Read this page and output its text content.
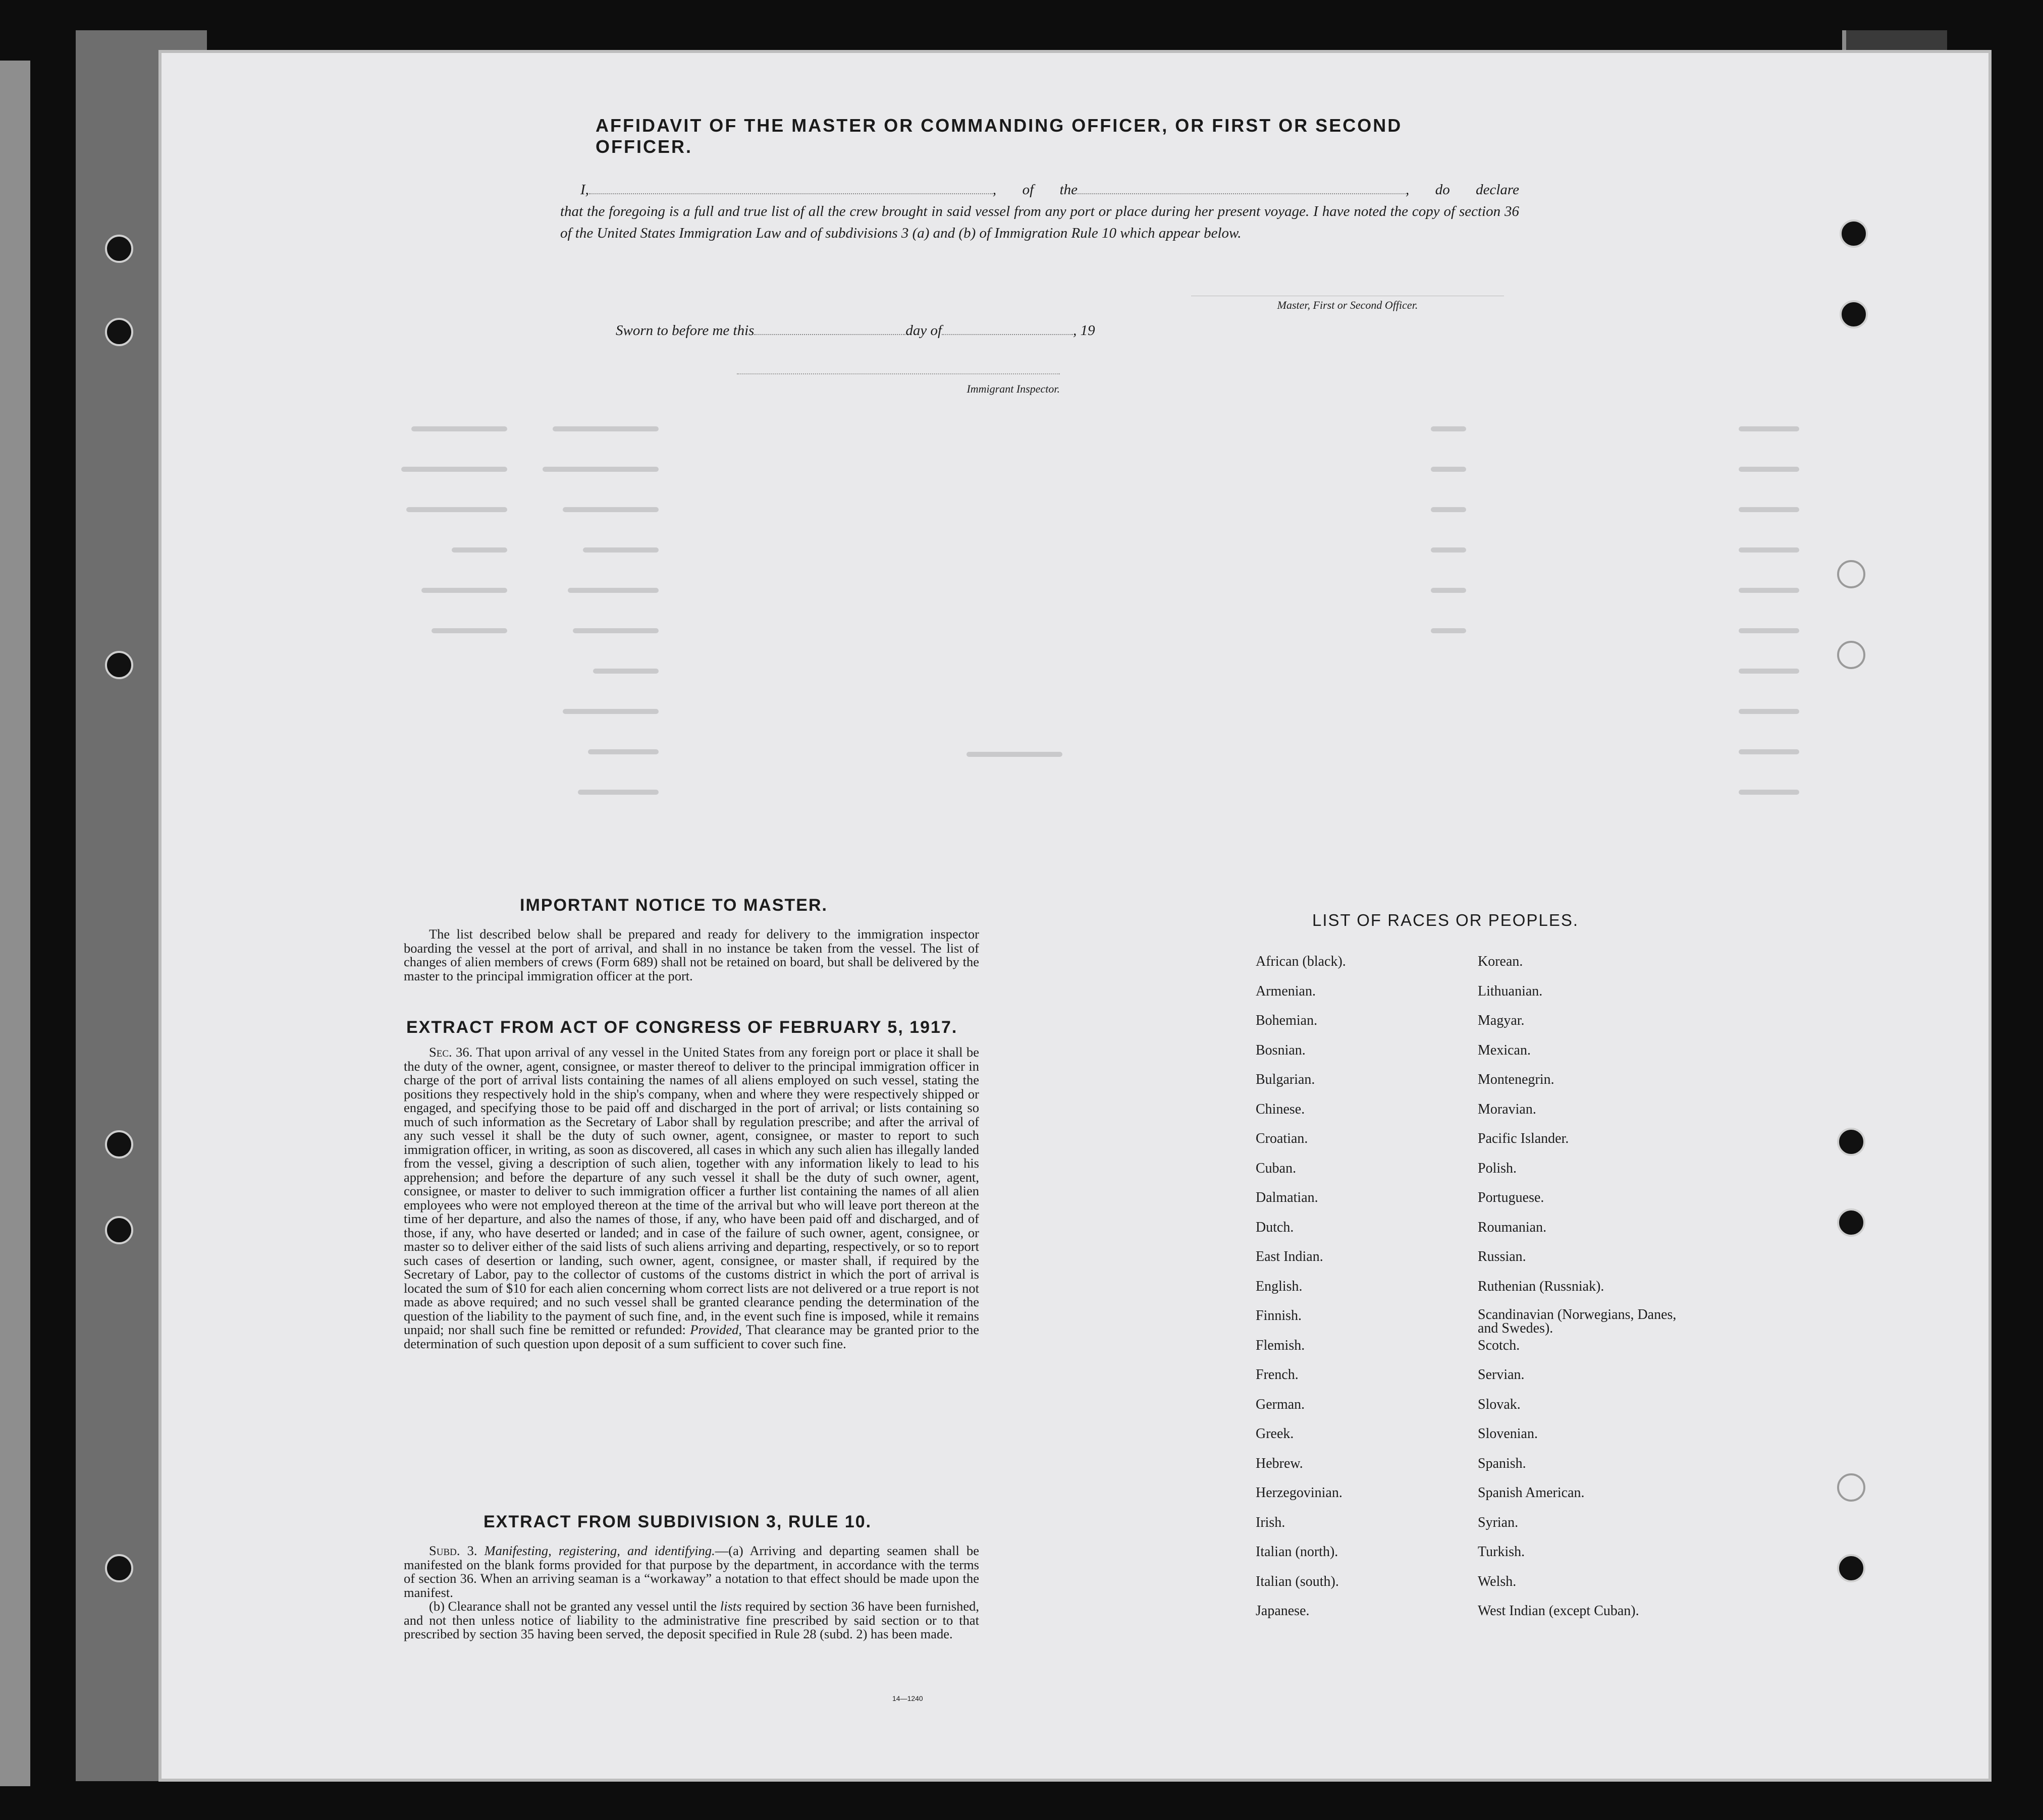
AFFIDAVIT OF THE MASTER OR COMMANDING OFFICER, OR FIRST OR SECOND OFFICER.
I,	, of the	, do declare
that the foregoing is a full and true list of all the crew brought in said vessel from any port or place during her present voyage. I have noted the copy of section 36 of the United States Immigration Law and of subdivisions 3 (a) and (b) of Immigration Rule 10 which appear below.
Master, First or Second Officer.
Sworn to before me this	day of	, 19
Immigrant Inspector.
IMPORTANT NOTICE TO MASTER.

The list described below shall be prepared and ready for delivery to the immigration inspector boarding the vessel at the port of arrival, and shall in no instance be taken from the vessel. The list of changes of alien members of crews (Form 689) shall not be retained on board, but shall be delivered by the master to the principal immigration officer at the port.

EXTRACT FROM ACT OF CONGRESS OF FEBRUARY 5, 1917.

Sec. 36. That upon arrival of any vessel in the United States from any foreign port or place it shall be the duty of the owner, agent, consignee, or master thereof to deliver to the principal immigration officer in charge of the port of arrival lists containing the names of all aliens employed on such vessel, stating the positions they respectively hold in the ship's company, when and where they were respectively shipped or engaged, and specifying those to be paid off and discharged in the port of arrival; or lists containing so much of such information as the Secretary of Labor shall by regulation prescribe; and after the arrival of any such vessel it shall be the duty of such owner, agent, consignee, or master to report to such immigration officer, in writing, as soon as discovered, all cases in which any such alien has illegally landed from the vessel, giving a description of such alien, together with any information likely to lead to his apprehension; and before the departure of any such vessel it shall be the duty of such owner, agent, consignee, or master to deliver to such immigration officer a further list containing the names of all alien employees who were not employed thereon at the time of the arrival but who will leave port thereon at the time of her departure, and also the names of those, if any, who have been paid off and discharged, and of those, if any, who have deserted or landed; and in case of the failure of such owner, agent, consignee, or master so to deliver either of the said lists of such aliens arriving and departing, respectively, or so to report such cases of desertion or landing, such owner, agent, consignee, or master shall, if required by the Secretary of Labor, pay to the collector of customs of the customs district in which the port of arrival is located the sum of $10 for each alien concerning whom correct lists are not delivered or a true report is not made as above required; and no such vessel shall be granted clearance pending the determination of the question of the liability to the payment of such fine, and, in the event such fine is imposed, while it remains unpaid; nor shall such fine be remitted or refunded: Provided, That clearance may be granted prior to the determination of such question upon deposit of a sum sufficient to cover such fine.

EXTRACT FROM SUBDIVISION 3, RULE 10.

Subd. 3. Manifesting, registering, and identifying.—(a) Arriving and departing seamen shall be manifested on the blank forms provided for that purpose by the department, in accordance with the terms of section 36. When an arriving seaman is a “workaway” a notation to that effect should be made upon the manifest.

(b) Clearance shall not be granted any vessel until the lists required by section 36 have been furnished, and not then unless notice of liability to the administrative fine prescribed by said section or to that prescribed by section 35 having been served, the deposit specified in Rule 28 (subd. 2) has been made.

14—1240
LIST OF RACES OR PEOPLES.
African (black).
Armenian.
Bohemian.
Bosnian.
Bulgarian.
Chinese.
Croatian.
Cuban.
Dalmatian.
Dutch.
East Indian.
English.
Finnish.
Flemish.
French.
German.
Greek.
Hebrew.
Herzegovinian.
Irish.
Italian (north).
Italian (south).
Japanese.
Korean.
Lithuanian.
Magyar.
Mexican.
Montenegrin.
Moravian.
Pacific Islander.
Polish.
Portuguese.
Roumanian.
Russian.
Ruthenian (Russniak).
Scandinavian (Norwegians, Danes, and Swedes).
Scotch.
Servian.
Slovak.
Slovenian.
Spanish.
Spanish American.
Syrian.
Turkish.
Welsh.
West Indian (except Cuban).
